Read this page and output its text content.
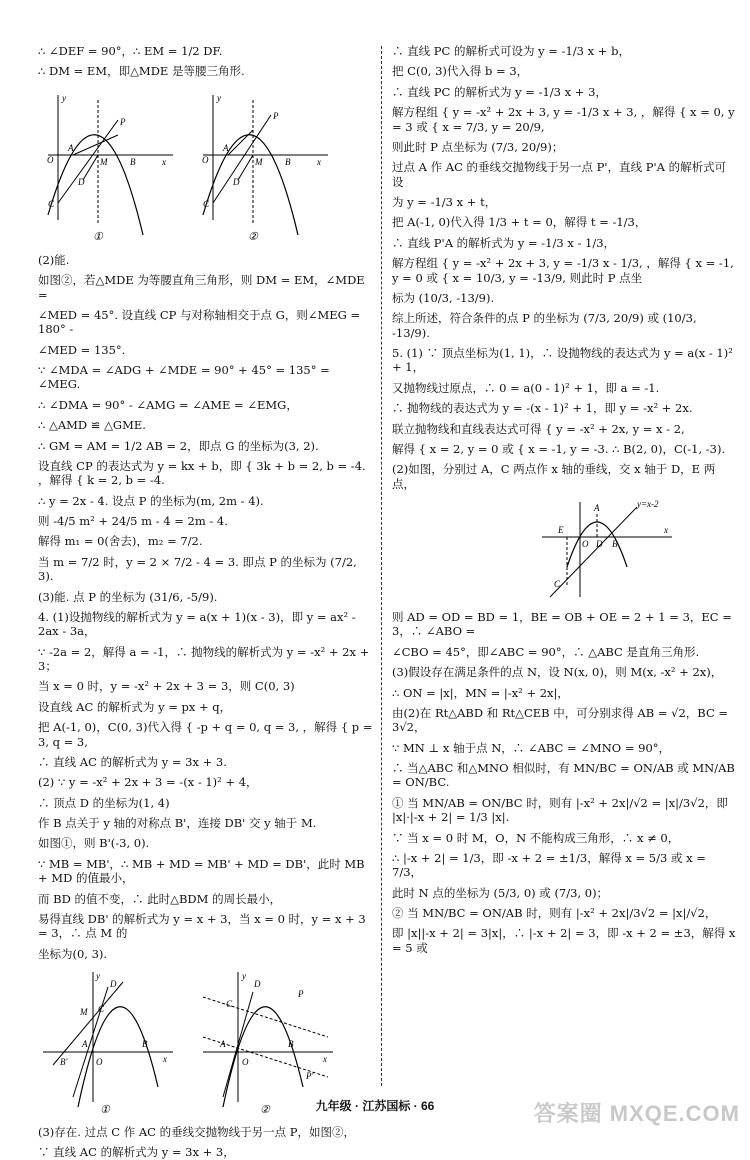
∴ ∠DEF = 90°，∴ EM = 1/2 DF.
∴ DM = EM，即△MDE 是等腰三角形.
O
A
B
C
D
M
P
x
y
①
O
A
B
C
D
M
P
x
y
②
(2)能.
如图②，若△MDE 为等腰直角三角形，则 DM = EM，∠MDE =
∠MED = 45°. 设直线 CP 与对称轴相交于点 G，则∠MEG = 180° -
∠MED = 135°.
∵ ∠MDA = ∠ADG + ∠MDE = 90° + 45° = 135° = ∠MEG.
∴ ∠DMA = 90° - ∠AMG = ∠AME = ∠EMG，
∴ △AMD ≌ △GME.
∴ GM = AM = 1/2 AB = 2，即点 G 的坐标为(3, 2).
设直线 CP 的表达式为 y = kx + b，即 { 3k + b = 2, b = -4. ，解得 { k = 2, b = -4.
∴ y = 2x - 4. 设点 P 的坐标为(m, 2m - 4).
则 -4/5 m² + 24/5 m - 4 = 2m - 4.
解得 m₁ = 0(舍去)，m₂ = 7/2.
当 m = 7/2 时，y = 2 × 7/2 - 4 = 3. 即点 P 的坐标为 (7/2, 3).
(3)能. 点 P 的坐标为 (31/6, -5/9).
4. (1)设抛物线的解析式为 y = a(x + 1)(x - 3)，即 y = ax² - 2ax - 3a，
∵ -2a = 2，解得 a = -1，∴ 抛物线的解析式为 y = -x² + 2x + 3；
当 x = 0 时，y = -x² + 2x + 3 = 3，则 C(0, 3)
设直线 AC 的解析式为 y = px + q，
把 A(-1, 0)，C(0, 3)代入得 { -p + q = 0, q = 3, ，解得 { p = 3, q = 3,
∴ 直线 AC 的解析式为 y = 3x + 3.
(2) ∵ y = -x² + 2x + 3 = -(x - 1)² + 4，
∴ 顶点 D 的坐标为(1, 4)
作 B 点关于 y 轴的对称点 B'，连接 DB' 交 y 轴于 M.
如图①，则 B'(-3, 0).
∵ MB = MB'，∴ MB + MD = MB' + MD = DB'，此时 MB + MD 的值最小，
而 BD 的值不变，∴ 此时△BDM 的周长最小，
易得直线 DB' 的解析式为 y = x + 3，当 x = 0 时，y = x + 3 = 3，∴ 点 M 的
坐标为(0, 3).
B'
A
O
B
M C
D
x
y
①
A
O
B
C
D
P
P'
x
y
②
(3)存在. 过点 C 作 AC 的垂线交抛物线于另一点 P，如图②，
∵ 直线 AC 的解析式为 y = 3x + 3，
∴ 直线 PC 的解析式可设为 y = -1/3 x + b，
把 C(0, 3)代入得 b = 3，
∴ 直线 PC 的解析式为 y = -1/3 x + 3，
解方程组 { y = -x² + 2x + 3, y = -1/3 x + 3, ，解得 { x = 0, y = 3 或 { x = 7/3, y = 20/9,
则此时 P 点坐标为 (7/3, 20/9)；
过点 A 作 AC 的垂线交抛物线于另一点 P'，直线 P'A 的解析式可设
为 y = -1/3 x + t，
把 A(-1, 0)代入得 1/3 + t = 0，解得 t = -1/3，
∴ 直线 P'A 的解析式为 y = -1/3 x - 1/3，
解方程组 { y = -x² + 2x + 3, y = -1/3 x - 1/3, ，解得 { x = -1, y = 0 或 { x = 10/3, y = -13/9, 则此时 P 点坐
标为 (10/3, -13/9).
综上所述，符合条件的点 P 的坐标为 (7/3, 20/9) 或 (10/3, -13/9).
5. (1) ∵ 顶点坐标为(1, 1)，∴ 设抛物线的表达式为 y = a(x - 1)² + 1，
又抛物线过原点，∴ 0 = a(0 - 1)² + 1，即 a = -1.
∴ 抛物线的表达式为 y = -(x - 1)² + 1，即 y = -x² + 2x.
联立抛物线和直线表达式可得 { y = -x² + 2x, y = x - 2,
解得 { x = 2, y = 0 或 { x = -1, y = -3. ∴ B(2, 0)，C(-1, -3).
(2)如图，分别过 A，C 两点作 x 轴的垂线，交 x 轴于 D，E 两点，
E
O D B
A
C
x
y=x-2
则 AD = OD = BD = 1，BE = OB + OE = 2 + 1 = 3，EC = 3，∴ ∠ABO =
∠CBO = 45°，即∠ABC = 90°，∴ △ABC 是直角三角形.
(3)假设存在满足条件的点 N，设 N(x, 0)，则 M(x, -x² + 2x)，
∴ ON = |x|，MN = |-x² + 2x|，
由(2)在 Rt△ABD 和 Rt△CEB 中，可分别求得 AB = √2，BC = 3√2，
∵ MN ⊥ x 轴于点 N，∴ ∠ABC = ∠MNO = 90°，
∴ 当△ABC 和△MNO 相似时，有 MN/BC = ON/AB 或 MN/AB = ON/BC.
① 当 MN/AB = ON/BC 时，则有 |-x² + 2x|/√2 = |x|/3√2，即 |x|·|-x + 2| = 1/3 |x|.
∵ 当 x = 0 时 M，O，N 不能构成三角形，∴ x ≠ 0，
∴ |-x + 2| = 1/3，即 -x + 2 = ±1/3，解得 x = 5/3 或 x = 7/3，
此时 N 点的坐标为 (5/3, 0) 或 (7/3, 0)；
② 当 MN/BC = ON/AB 时，则有 |-x² + 2x|/3√2 = |x|/√2，
即 |x||-x + 2| = 3|x|，∴ |-x + 2| = 3，即 -x + 2 = ±3，解得 x = 5 或
九年级 · 江苏国标 · 66	答案圈 MXQE.COM
